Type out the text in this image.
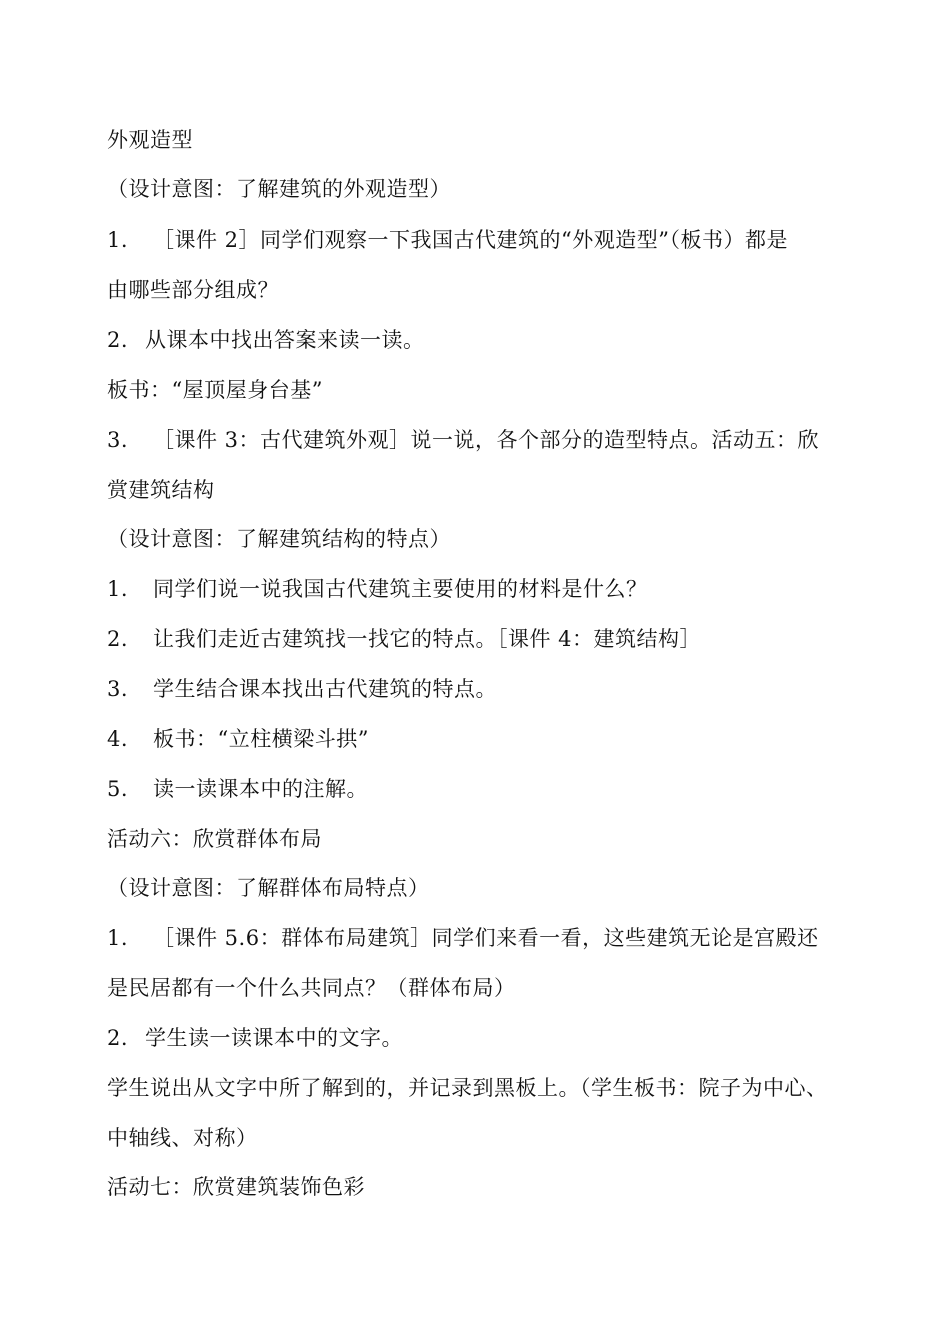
外观造型
（设计意图：了解建筑的外观造型）
1. ［课件 2］同学们观察一下我国古代建筑的“外观造型”（板书）都是
由哪些部分组成？
2. 从课本中找出答案来读一读。
板书：“屋顶屋身台基”
3. ［课件 3：古代建筑外观］说一说，各个部分的造型特点。活动五：欣
赏建筑结构
（设计意图：了解建筑结构的特点）
1. 同学们说一说我国古代建筑主要使用的材料是什么？
2. 让我们走近古建筑找一找它的特点。［课件 4：建筑结构］
3. 学生结合课本找出古代建筑的特点。
4. 板书：“立柱横梁斗拱”
5. 读一读课本中的注解。
活动六：欣赏群体布局
（设计意图：了解群体布局特点）
1. ［课件 5.6：群体布局建筑］同学们来看一看，这些建筑无论是宫殿还
是民居都有一个什么共同点？（群体布局）
2. 学生读一读课本中的文字。
学生说出从文字中所了解到的，并记录到黑板上。（学生板书：院子为中心、
中轴线、对称）
活动七：欣赏建筑装饰色彩
